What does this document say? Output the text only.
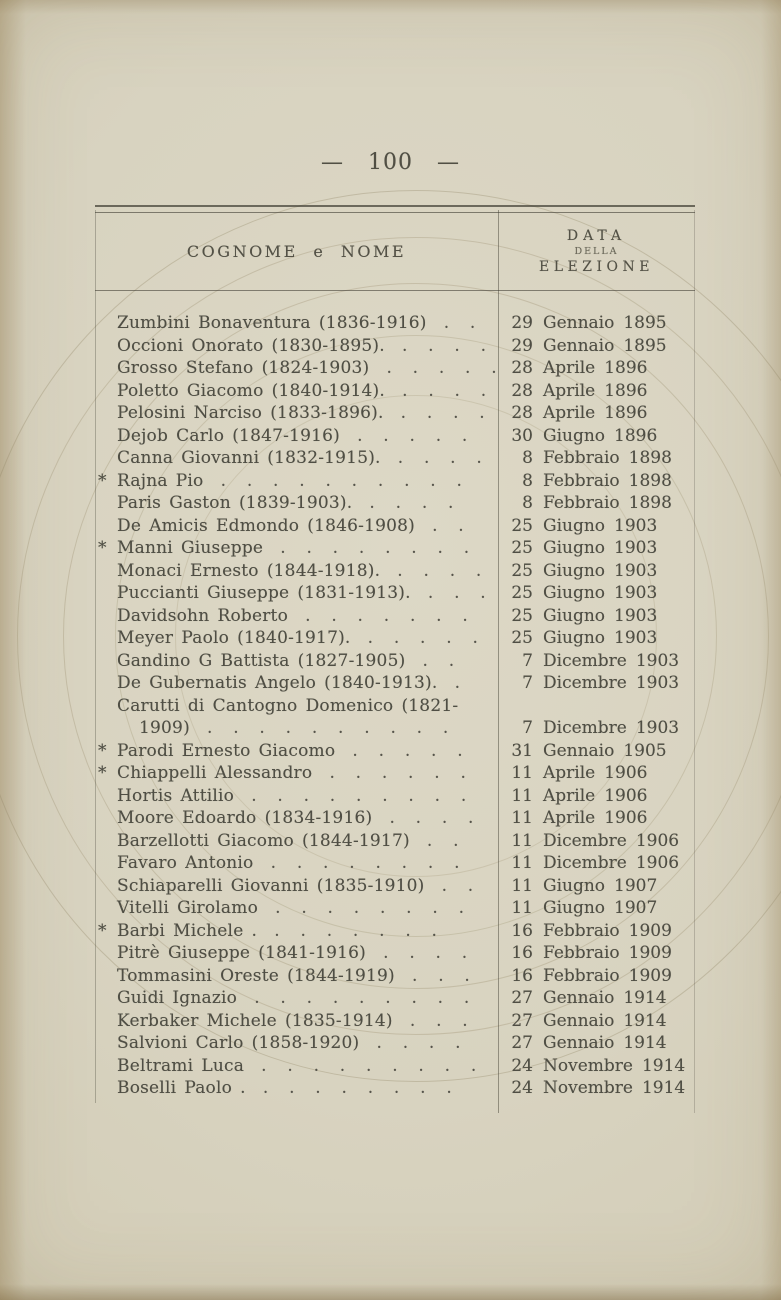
— 100 —
COGNOME e NOME
DATA
DELLA
ELEZIONE
Zumbini Bonaventura (1836-1916) . .	29 Gennaio 1895
Occioni Onorato (1830-1895). . . . .	29 Gennaio 1895
Grosso Stefano (1824-1903) . . . . . 28 Aprile 1896
Poletto Giacomo (1840-1914). . . . .	28 Aprile 1896
Pelosini Narciso (1833-1896). . . . .	28 Aprile 1896
Dejob Carlo (1847-1916) . . . . .	30 Giugno 1896
Canna Giovanni (1832-1915). . . . .	8 Febbraio 1898
* Rajna Pio . . . . . . . . . .	8 Febbraio 1898
Paris Gaston (1839-1903). . . . .	8 Febbraio 1898
De Amicis Edmondo (1846-1908) . .	25 Giugno 1903
* Manni Giuseppe . . . . . . . .	25 Giugno 1903
Monaci Ernesto (1844-1918). . . . .	25 Giugno 1903
Puccianti Giuseppe (1831-1913). . . .	25 Giugno 1903
Davidsohn Roberto . . . . . . .	25 Giugno 1903
Meyer Paolo (1840-1917). . . . . .	25 Giugno 1903
Gandino G Battista (1827-1905) . .	7 Dicembre 1903
De Gubernatis Angelo (1840-1913). .	7 Dicembre 1903
Carutti di Cantogno Domenico (1821-
1909) . . . . . . . . . .	7 Dicembre 1903
* Parodi Ernesto Giacomo . . . . .	31 Gennaio 1905
* Chiappelli Alessandro . . . . . .	11 Aprile 1906
Hortis Attilio . . . . . . . . .	11 Aprile 1906
Moore Edoardo (1834-1916) . . . .	11 Aprile 1906
Barzellotti Giacomo (1844-1917) . .	11 Dicembre 1906
Favaro Antonio . . . . . . . .	11 Dicembre 1906
Schiaparelli Giovanni (1835-1910) . .	11 Giugno 1907
Vitelli Girolamo . . . . . . . .	11 Giugno 1907
* Barbi Michele . . . . . . . .	16 Febbraio 1909
Pitrè Giuseppe (1841-1916) . . . .	16 Febbraio 1909
Tommasini Oreste (1844-1919) . . .	16 Febbraio 1909
Guidi Ignazio . . . . . . . . .	27 Gennaio 1914
Kerbaker Michele (1835-1914) . . .	27 Gennaio 1914
Salvioni Carlo (1858-1920) . . . .	27 Gennaio 1914
Beltrami Luca . . . . . . . . .	24 Novembre 1914
Boselli Paolo . . . . . . . . .	24 Novembre 1914
